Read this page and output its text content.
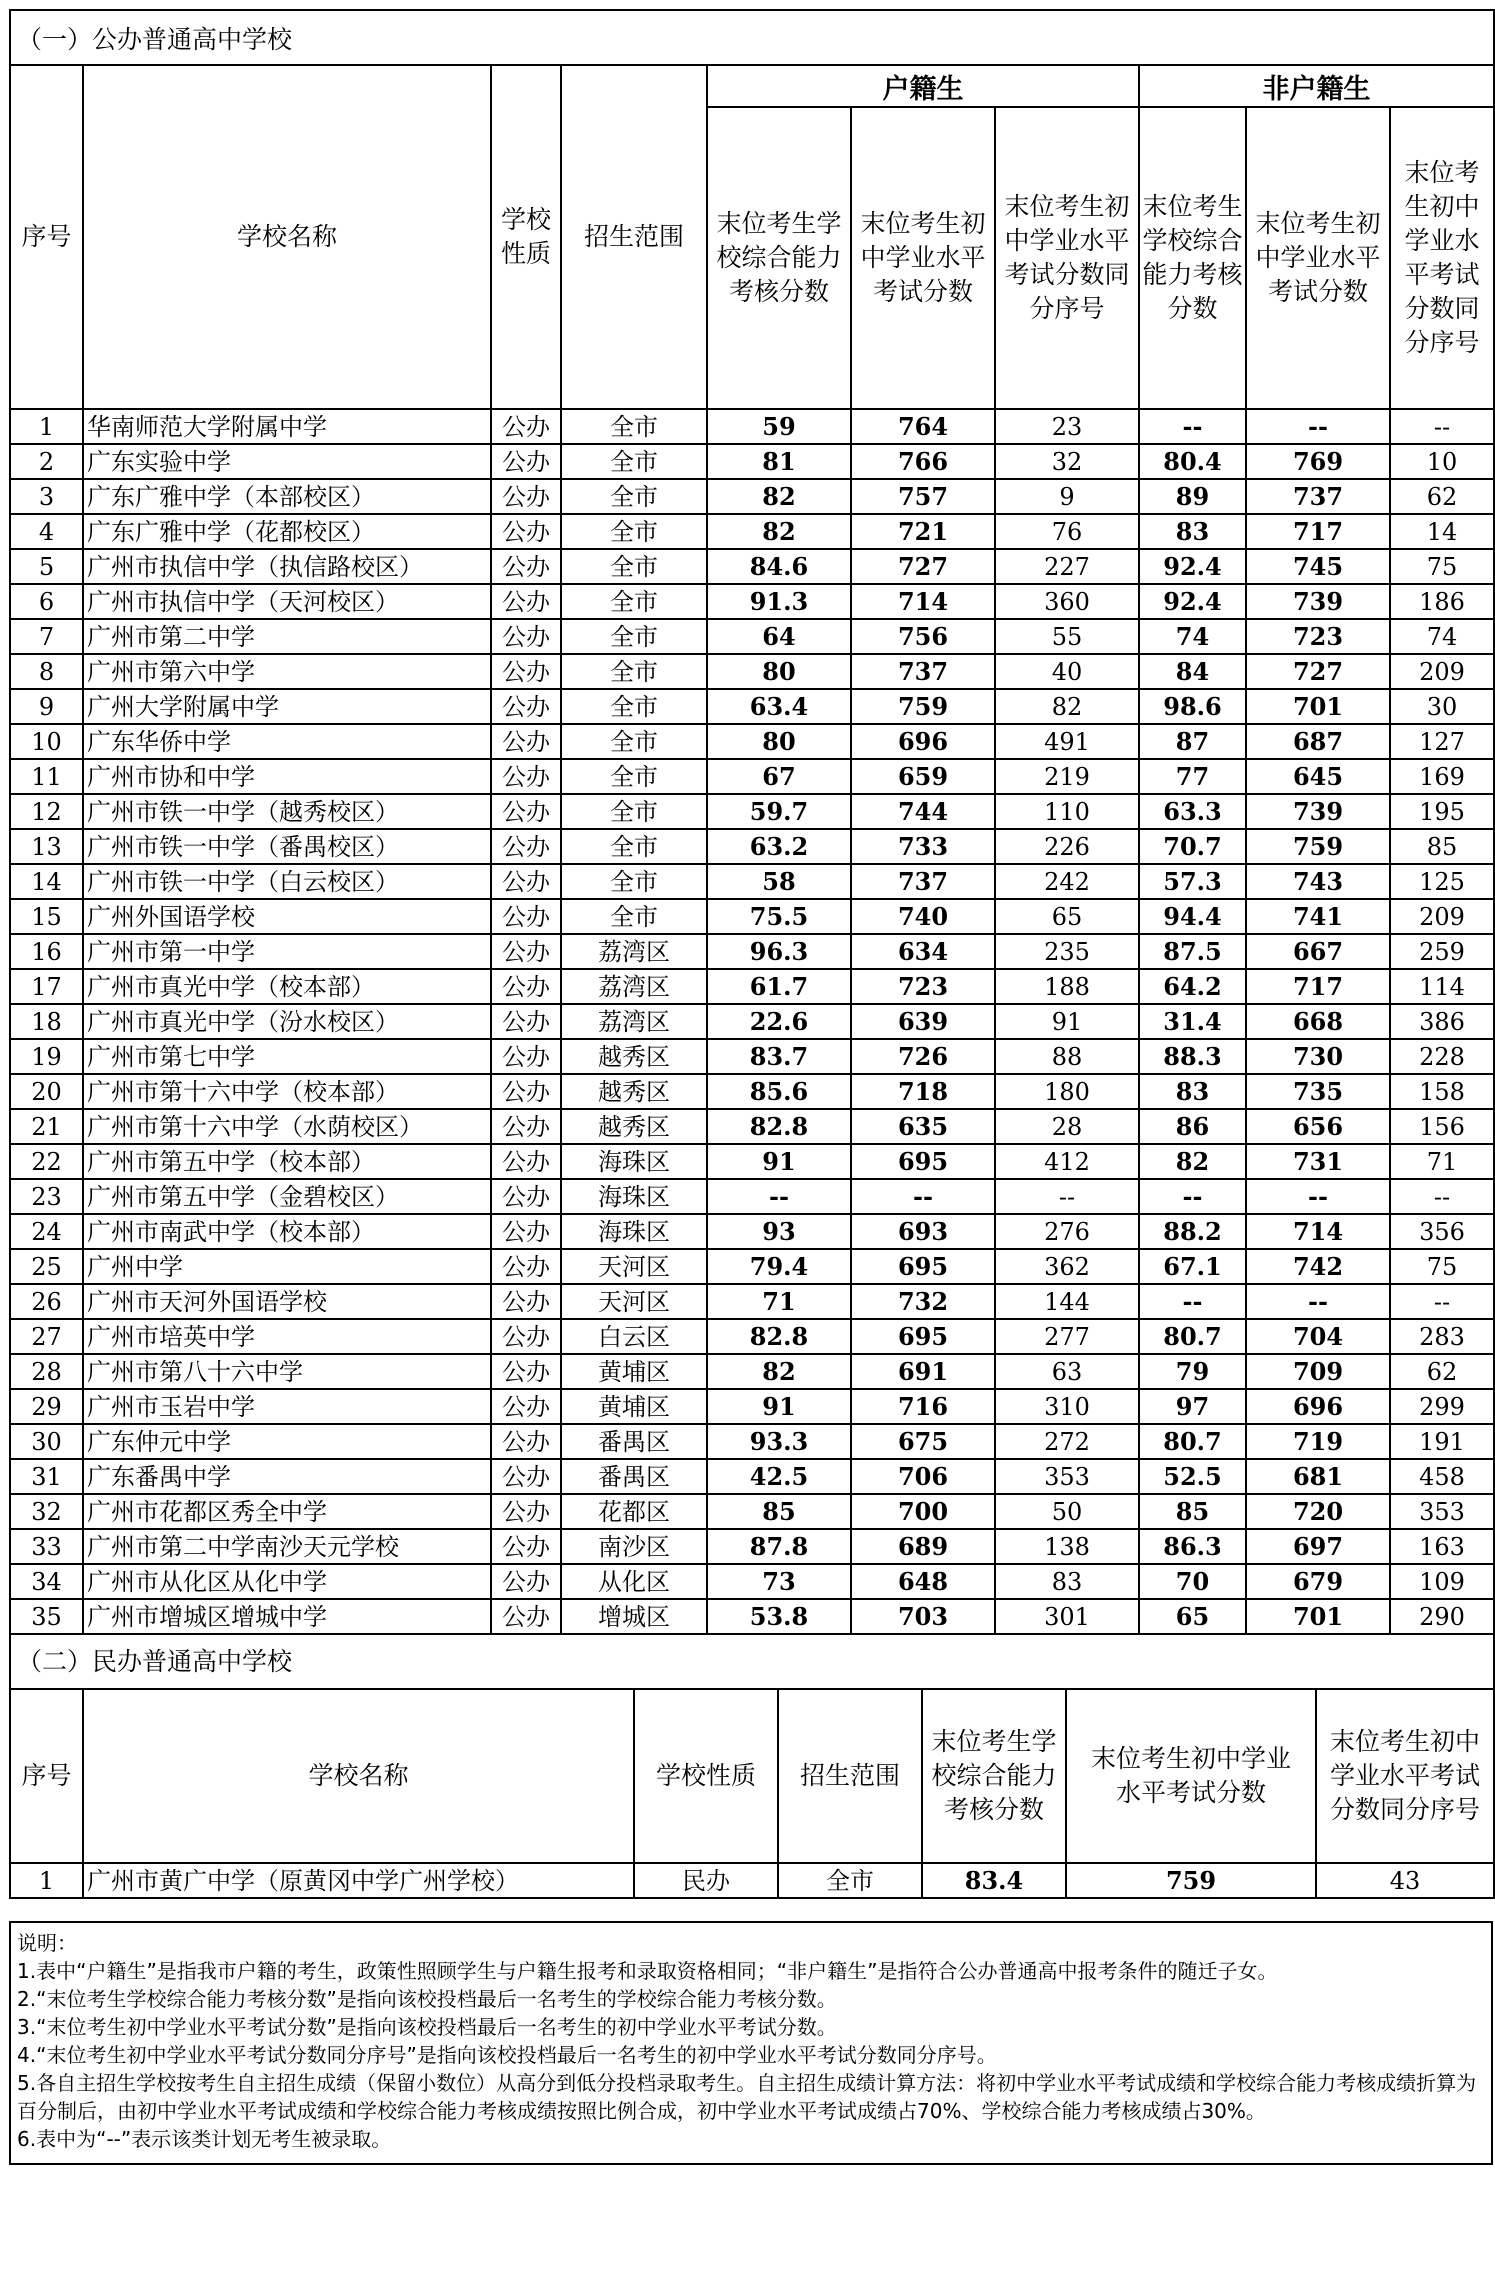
（一）公办普通高中学校									
序号	学校名称	学校性质	招生范围	户籍生			非户籍生		
				末位考生学校综合能力考核分数	末位考生初中学业水平考试分数	末位考生初中学业水平考试分数同分序号	末位考生学校综合能力考核分数	末位考生初中学业水平考试分数	末位考生初中学业水平考试分数同分序号
1	华南师范大学附属中学	公办	全市	59	764	23	--	--	--
2	广东实验中学	公办	全市	81	766	32	80.4	769	10
3	广东广雅中学（本部校区）	公办	全市	82	757	9	89	737	62
4	广东广雅中学（花都校区）	公办	全市	82	721	76	83	717	14
5	广州市执信中学（执信路校区）	公办	全市	84.6	727	227	92.4	745	75
6	广州市执信中学（天河校区）	公办	全市	91.3	714	360	92.4	739	186
7	广州市第二中学	公办	全市	64	756	55	74	723	74
8	广州市第六中学	公办	全市	80	737	40	84	727	209
9	广州大学附属中学	公办	全市	63.4	759	82	98.6	701	30
10	广东华侨中学	公办	全市	80	696	491	87	687	127
11	广州市协和中学	公办	全市	67	659	219	77	645	169
12	广州市铁一中学（越秀校区）	公办	全市	59.7	744	110	63.3	739	195
13	广州市铁一中学（番禺校区）	公办	全市	63.2	733	226	70.7	759	85
14	广州市铁一中学（白云校区）	公办	全市	58	737	242	57.3	743	125
15	广州外国语学校	公办	全市	75.5	740	65	94.4	741	209
16	广州市第一中学	公办	荔湾区	96.3	634	235	87.5	667	259
17	广州市真光中学（校本部）	公办	荔湾区	61.7	723	188	64.2	717	114
18	广州市真光中学（汾水校区）	公办	荔湾区	22.6	639	91	31.4	668	386
19	广州市第七中学	公办	越秀区	83.7	726	88	88.3	730	228
20	广州市第十六中学（校本部）	公办	越秀区	85.6	718	180	83	735	158
21	广州市第十六中学（水荫校区）	公办	越秀区	82.8	635	28	86	656	156
22	广州市第五中学（校本部）	公办	海珠区	91	695	412	82	731	71
23	广州市第五中学（金碧校区）	公办	海珠区	--	--	--	--	--	--
24	广州市南武中学（校本部）	公办	海珠区	93	693	276	88.2	714	356
25	广州中学	公办	天河区	79.4	695	362	67.1	742	75
26	广州市天河外国语学校	公办	天河区	71	732	144	--	--	--
27	广州市培英中学	公办	白云区	82.8	695	277	80.7	704	283
28	广州市第八十六中学	公办	黄埔区	82	691	63	79	709	62
29	广州市玉岩中学	公办	黄埔区	91	716	310	97	696	299
30	广东仲元中学	公办	番禺区	93.3	675	272	80.7	719	191
31	广东番禺中学	公办	番禺区	42.5	706	353	52.5	681	458
32	广州市花都区秀全中学	公办	花都区	85	700	50	85	720	353
33	广州市第二中学南沙天元学校	公办	南沙区	87.8	689	138	86.3	697	163
34	广州市从化区从化中学	公办	从化区	73	648	83	70	679	109
35	广州市增城区增城中学	公办	增城区	53.8	703	301	65	701	290
（二）民办普通高中学校									
序号	学校名称	学校性质	招生范围	末位考生学校综合能力考核分数	末位考生初中学业水平考试分数	末位考生初中学业水平考试分数同分序号
1	广州市黄广中学（原黄冈中学广州学校）	民办	全市	83.4	759	43

说明：

1.表中“户籍生”是指我市户籍的考生，政策性照顾学生与户籍生报考和录取资格相同；“非户籍生”是指符合公办普通高中报考条件的随迁子女。

2.“末位考生学校综合能力考核分数”是指向该校投档最后一名考生的学校综合能力考核分数。

3.“末位考生初中学业水平考试分数”是指向该校投档最后一名考生的初中学业水平考试分数。

4.“末位考生初中学业水平考试分数同分序号”是指向该校投档最后一名考生的初中学业水平考试分数同分序号。

5.各自主招生学校按考生自主招生成绩（保留小数位）从高分到低分投档录取考生。自主招生成绩计算方法：将初中学业水平考试成绩和学校综合能力考核成绩折算为百分制后，由初中学业水平考试成绩和学校综合能力考核成绩按照比例合成，初中学业水平考试成绩占70%、学校综合能力考核成绩占30%。

6.表中为“--”表示该类计划无考生被录取。
